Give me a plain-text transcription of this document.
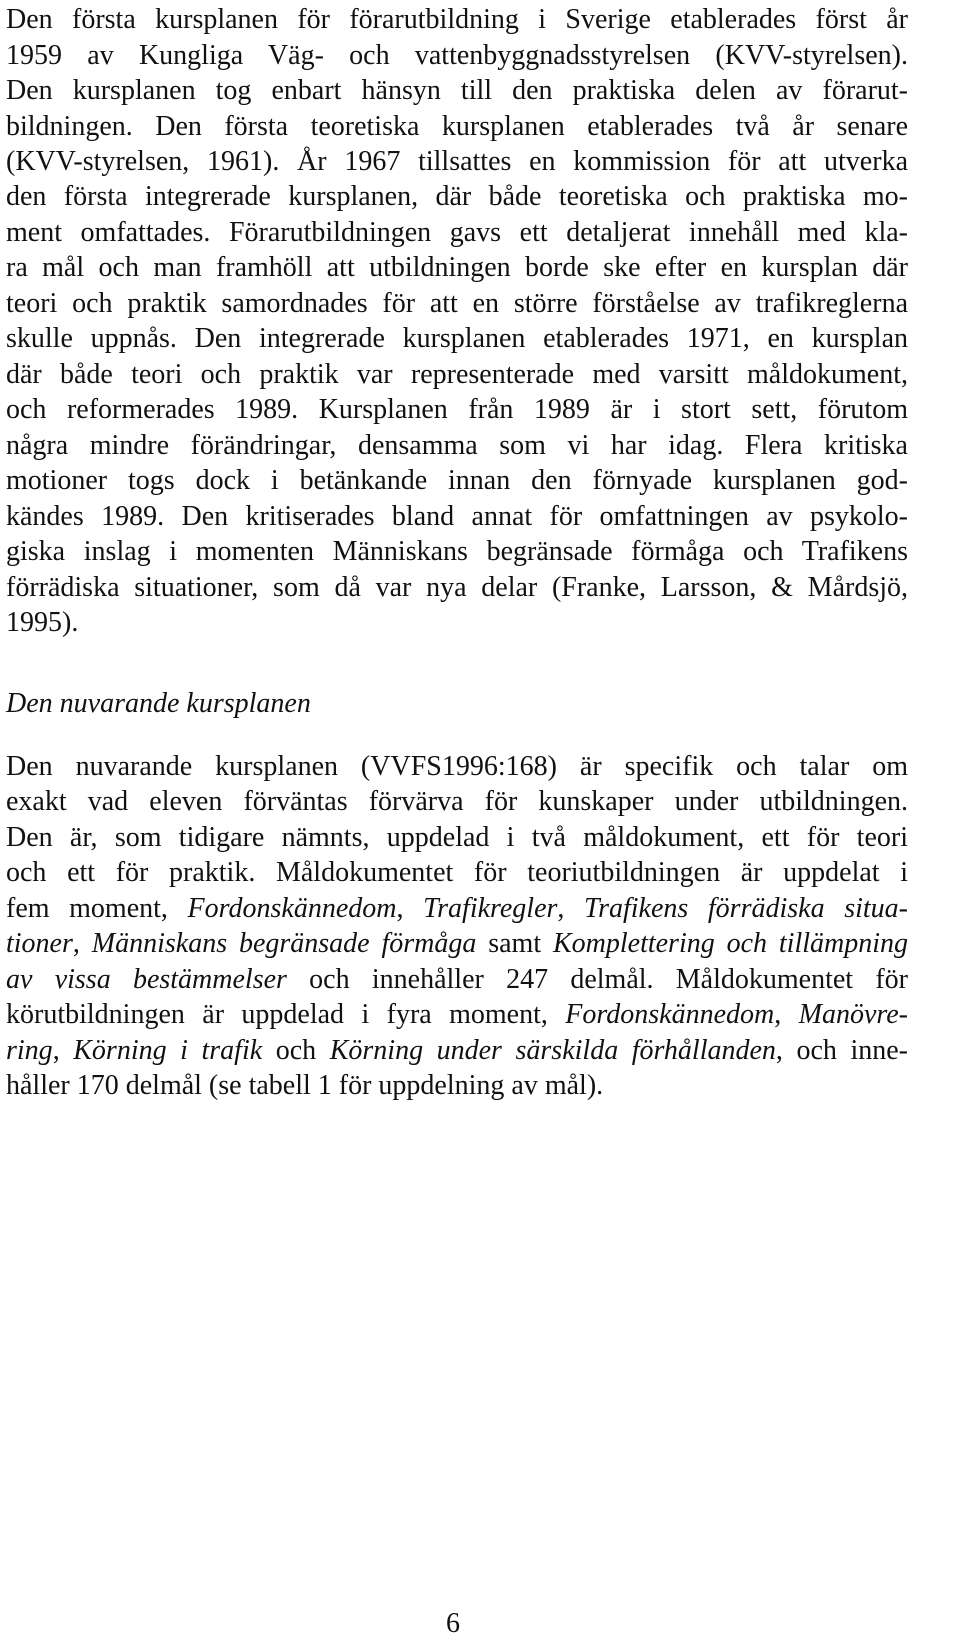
Den första kursplanen för förarutbildning i Sverige etablerades först år
1959 av Kungliga Väg- och vattenbyggnadsstyrelsen (KVV-styrelsen).
Den kursplanen tog enbart hänsyn till den praktiska delen av förarut-
bildningen. Den första teoretiska kursplanen etablerades två år senare
(KVV-styrelsen, 1961). År 1967 tillsattes en kommission för att utverka
den första integrerade kursplanen, där både teoretiska och praktiska mo-
ment omfattades. Förarutbildningen gavs ett detaljerat innehåll med kla-
ra mål och man framhöll att utbildningen borde ske efter en kursplan där
teori och praktik samordnades för att en större förståelse av trafikreglerna
skulle uppnås. Den integrerade kursplanen etablerades 1971, en kursplan
där både teori och praktik var representerade med varsitt måldokument,
och reformerades 1989. Kursplanen från 1989 är i stort sett, förutom
några mindre förändringar, densamma som vi har idag. Flera kritiska
motioner togs dock i betänkande innan den förnyade kursplanen god-
kändes 1989. Den kritiserades bland annat för omfattningen av psykolo-
giska inslag i momenten Människans begränsade förmåga och Trafikens
förrädiska situationer, som då var nya delar (Franke, Larsson, & Mårdsjö,
1995).
Den nuvarande kursplanen
Den nuvarande kursplanen (VVFS1996:168) är specifik och talar om
exakt vad eleven förväntas förvärva för kunskaper under utbildningen.
Den är, som tidigare nämnts, uppdelad i två måldokument, ett för teori
och ett för praktik. Måldokumentet för teoriutbildningen är uppdelat i
fem moment, Fordonskännedom, Trafikregler, Trafikens förrädiska situa-
tioner, Människans begränsade förmåga samt Komplettering och tillämpning
av vissa bestämmelser och innehåller 247 delmål. Måldokumentet för
körutbildningen är uppdelad i fyra moment, Fordonskännedom, Manövre-
ring, Körning i trafik och Körning under särskilda förhållanden, och inne-
håller 170 delmål (se tabell 1 för uppdelning av mål).
6
